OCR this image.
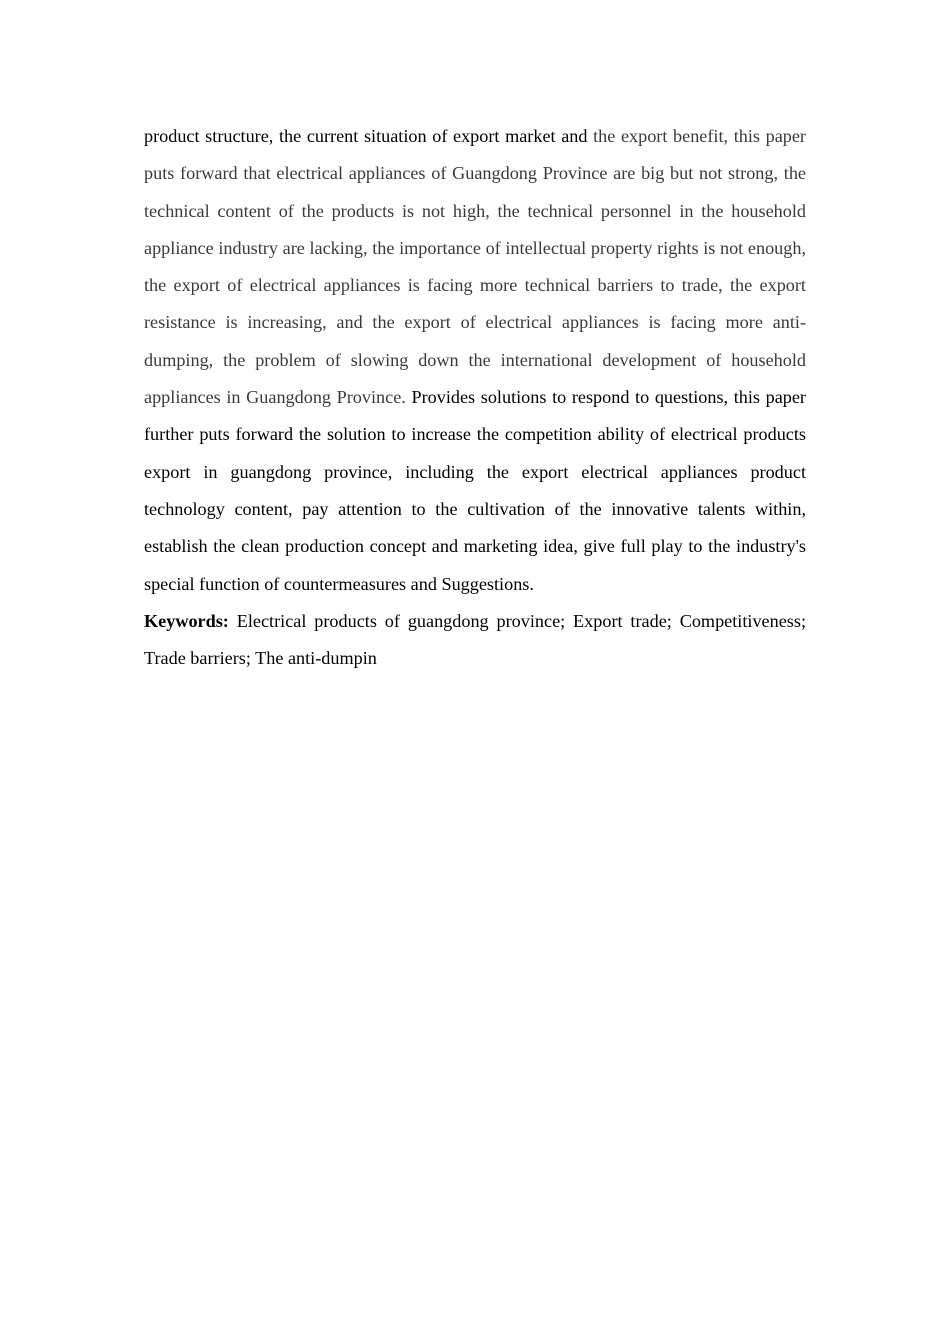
product structure, the current situation of export market and the export benefit, this paper puts forward that electrical appliances of Guangdong Province are big but not strong, the technical content of the products is not high, the technical personnel in the household appliance industry are lacking, the importance of intellectual property rights is not enough, the export of electrical appliances is facing more technical barriers to trade, the export resistance is increasing, and the export of electrical appliances is facing more anti-dumping, the problem of slowing down the international development of household appliances in Guangdong Province. Provides solutions to respond to questions, this paper further puts forward the solution to increase the competition ability of electrical products export in guangdong province, including the export electrical appliances product technology content, pay attention to the cultivation of the innovative talents within, establish the clean production concept and marketing idea, give full play to the industry's special function of countermeasures and Suggestions.

Keywords: Electrical products of guangdong province; Export trade; Competitiveness; Trade barriers; The anti-dumpin
